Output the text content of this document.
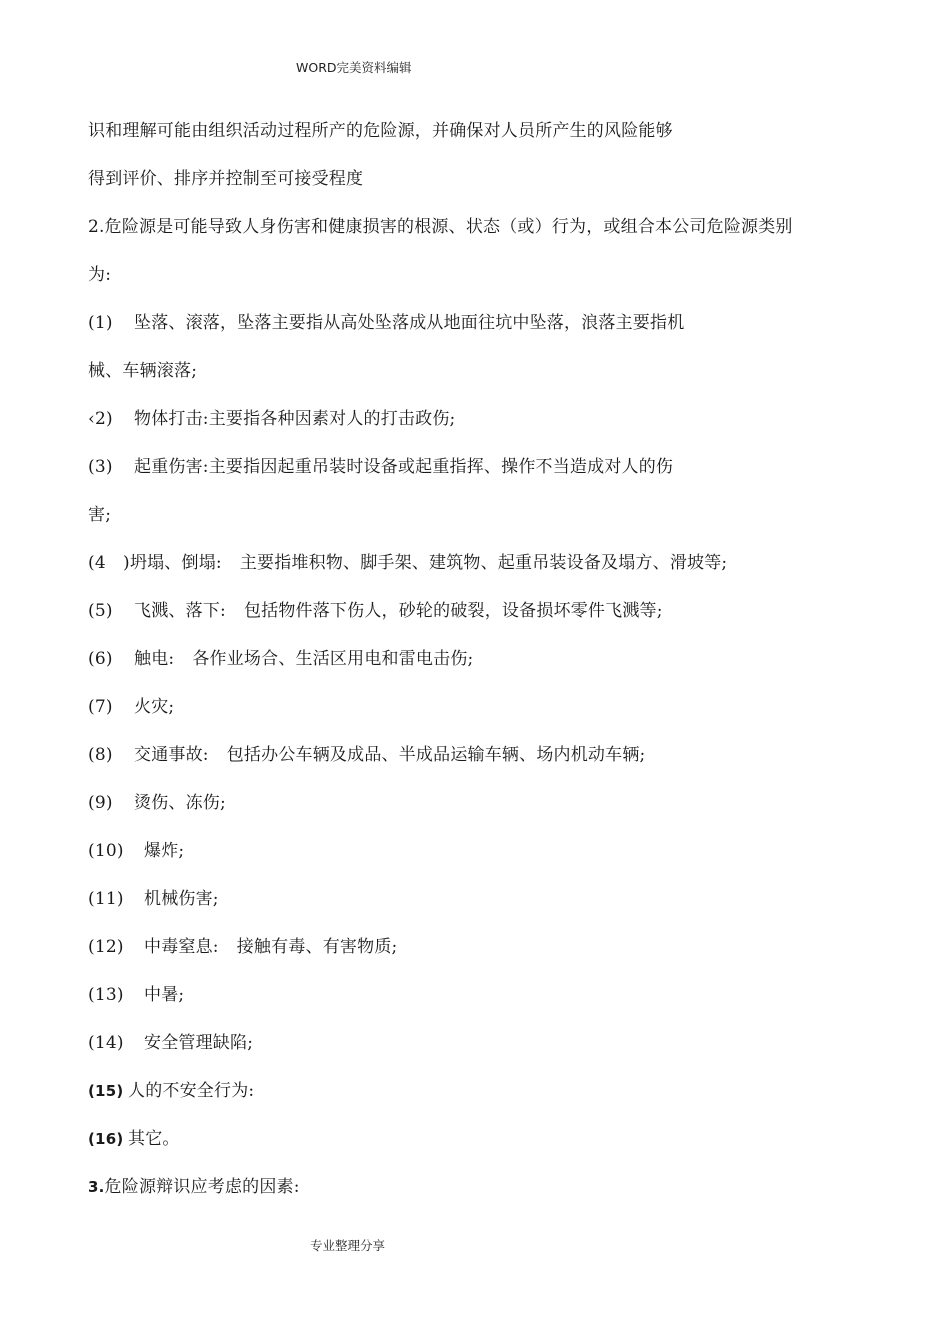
WORD完美资料编辑
识和理解可能由组织活动过程所产的危险源，并确保对人员所产生的风险能够
得到评价、排序并控制至可接受程度
2.危险源是可能导致人身伤害和健康损害的根源、状态（或）行为，或组合本公司危险源类别
为:
(1) 坠落、滚落，坠落主要指从高处坠落成从地面往坑中坠落，浪落主要指机
械、车辆滚落;
‹2) 物体打击:主要指各种因素对人的打击政伤;
(3) 起重伤害:主要指因起重吊装时设备或起重指挥、操作不当造成对人的伤
害;
(4　)坍塌、倒塌: 主要指堆积物、脚手架、建筑物、起重吊装设备及塌方、滑坡等;
(5) 飞溅、落下: 包括物件落下伤人，砂轮的破裂，设备损坏零件飞溅等;
(6) 触电: 各作业场合、生活区用电和雷电击伤;
(7) 火灾;
(8) 交通事故: 包括办公车辆及成品、半成品运输车辆、场内机动车辆;
(9) 烫伤、冻伤;
(10) 爆炸;
(11) 机械伤害;
(12) 中毒窒息: 接触有毒、有害物质;
(13) 中暑;
(14) 安全管理缺陷;
(15) 人的不安全行为:
(16) 其它。
3.危险源辩识应考虑的因素:
专业整理分享
